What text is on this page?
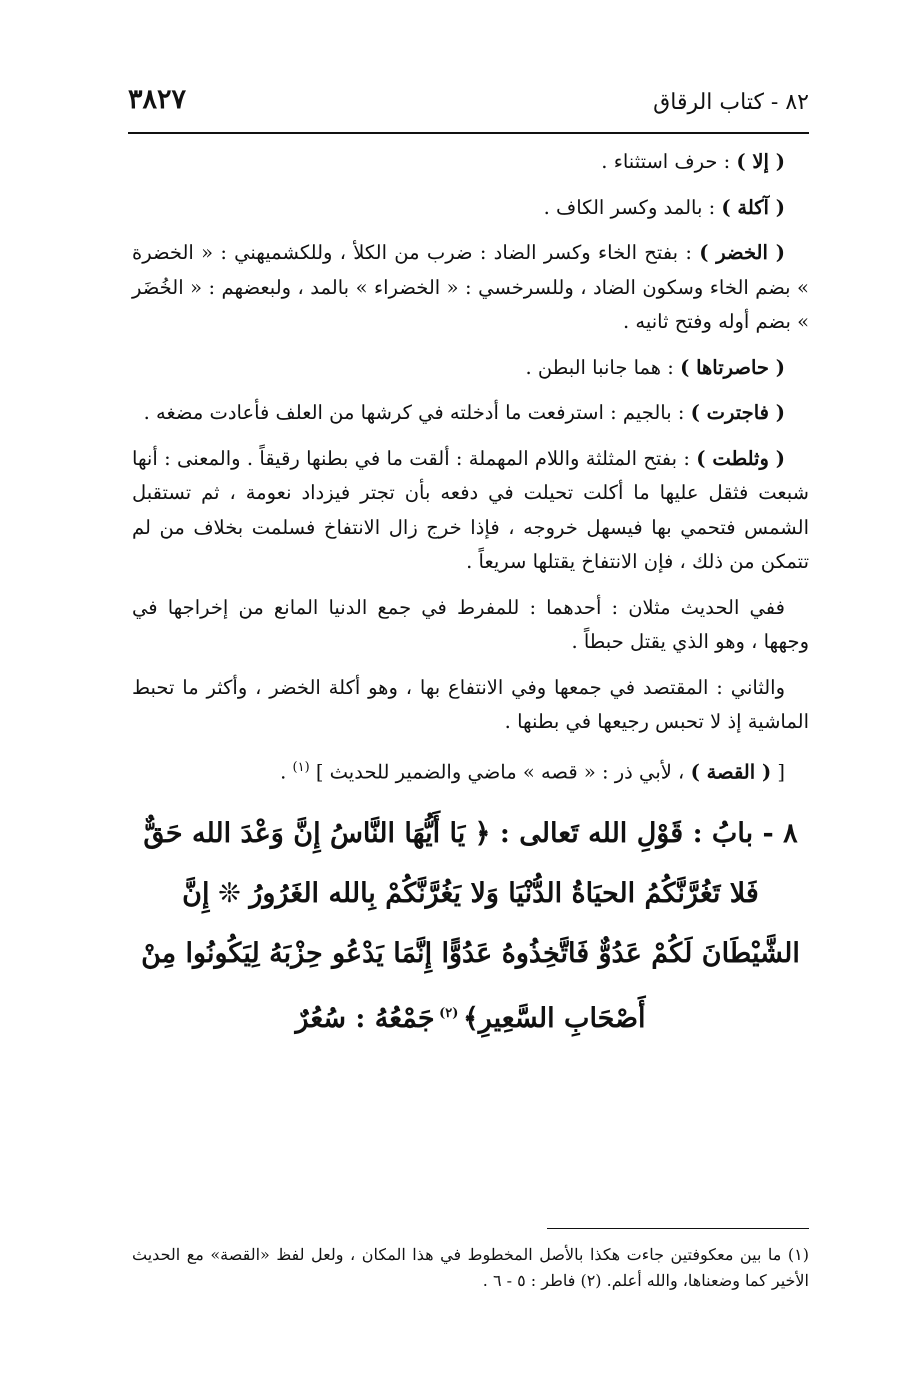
٨٢ - كتاب الرقاق
٣٨٢٧

( إلا ) : حرف استثناء .

( آكلة ) : بالمد وكسر الكاف .

( الخضر ) : بفتح الخاء وكسر الضاد : ضرب من الكلأ ، وللكشميهني : « الخضرة » بضم الخاء وسكون الضاد ، وللسرخسي : « الخضراء » بالمد ، ولبعضهم : « الخُضَر » بضم أوله وفتح ثانيه .

( حاصرتاها ) : هما جانبا البطن .

( فاجترت ) : بالجيم : استرفعت ما أدخلته في كرشها من العلف فأعادت مضغه .

( وثلطت ) : بفتح المثلثة واللام المهملة : ألقت ما في بطنها رقيقاً . والمعنى : أنها شبعت فثقل عليها ما أكلت تحيلت في دفعه بأن تجتر فيزداد نعومة ، ثم تستقبل الشمس فتحمي بها فيسهل خروجه ، فإذا خرج زال الانتفاخ فسلمت بخلاف من لم تتمكن من ذلك ، فإن الانتفاخ يقتلها سريعاً .

ففي الحديث مثلان : أحدهما : للمفرط في جمع الدنيا المانع من إخراجها في وجهها ، وهو الذي يقتل حبطاً .

والثاني : المقتصد في جمعها وفي الانتفاع بها ، وهو أكلة الخضر ، وأكثر ما تحبط الماشية إذ لا تحبس رجيعها في بطنها .

[ ( القصة ) ، لأبي ذر : « قصه » ماضي والضمير للحديث ] $^{(١)}$ .

٨ - بابُ : قَوْلِ الله تَعالى : ﴿ يَا أَيُّهَا النَّاسُ إِنَّ وَعْدَ الله حَقٌّ فَلا تَغُرَّنَّكُمُ الحيَاةُ الدُّنْيَا وَلا يَغُرَّنَّكُمْ بِالله الغَرُورُ ❊ إِنَّ الشَّيْطَانَ لَكُمْ عَدُوٌّ فَاتَّخِذُوهُ عَدُوًّا إِنَّمَا يَدْعُو حِزْبَهُ لِيَكُونُوا مِنْ أَصْحَابِ السَّعِيرِ﴾ $^{(٢)}$ جَمْعُهُ : سُعُرٌ

(١) ما بين معكوفتين جاءت هكذا بالأصل المخطوط في هذا المكان ، ولعل لفظ «القصة» مع الحديث الأخير كما وضعناها، والله أعلم. (٢) فاطر : ٥ - ٦ .
